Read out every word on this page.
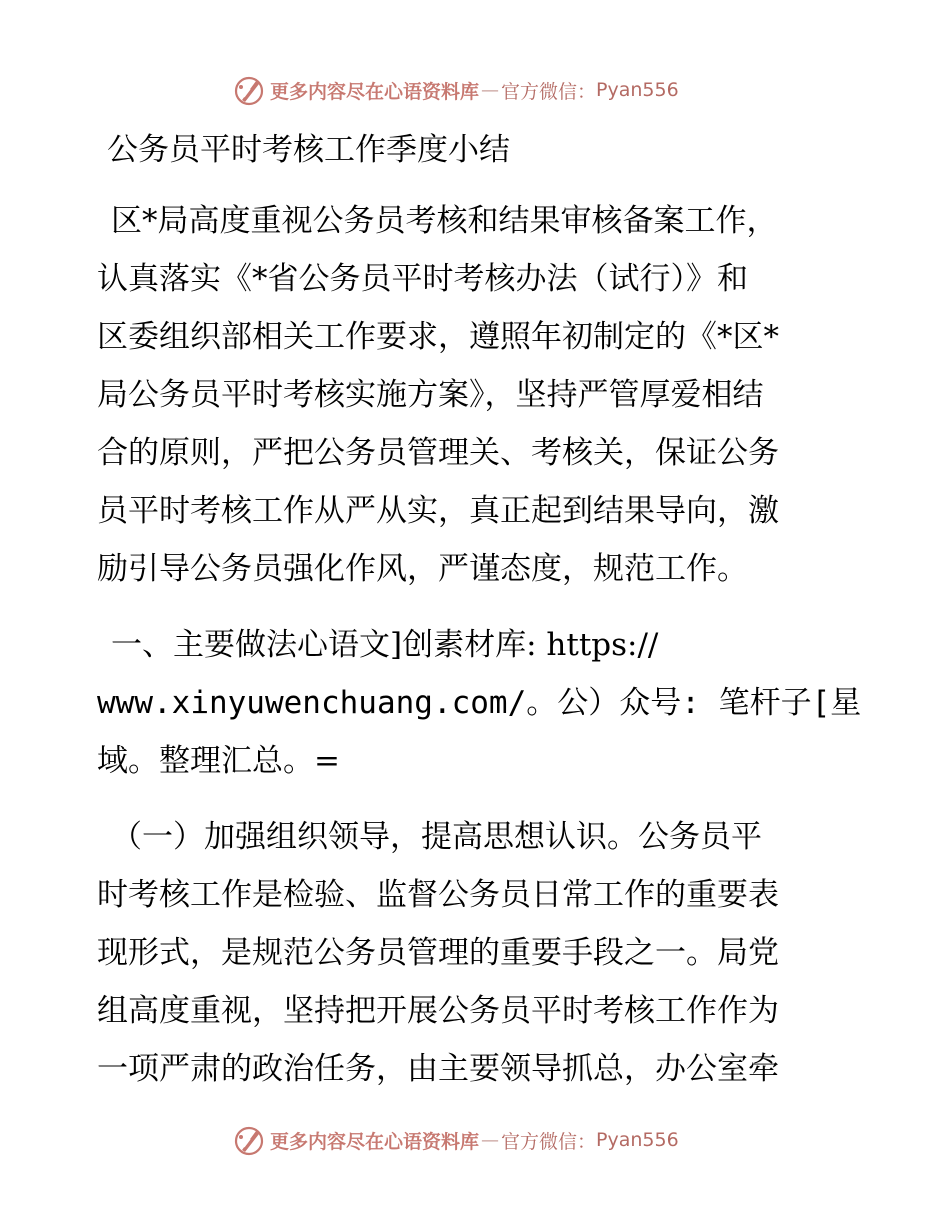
更多内容尽在心语资料库 — 官方微信： Pyan556
公务员平时考核工作季度小结
区*局高度重视公务员考核和结果审核备案工作，
认真落实《*省公务员平时考核办法（试行）》和
区委组织部相关工作要求，遵照年初制定的《*区*
局公务员平时考核实施方案》，坚持严管厚爱相结
合的原则，严把公务员管理关、考核关，保证公务
员平时考核工作从严从实，真正起到结果导向，激
励引导公务员强化作风，严谨态度，规范工作。
一、主要做法心语文]创素材库: https://
www.xinyuwenchuang.com/。公）众号: 笔杆子[星
域。整理汇总。=
（一）加强组织领导，提高思想认识。公务员平
时考核工作是检验、监督公务员日常工作的重要表
现形式，是规范公务员管理的重要手段之一。局党
组高度重视，坚持把开展公务员平时考核工作作为
一项严肃的政治任务，由主要领导抓总，办公室牵
更多内容尽在心语资料库 — 官方微信： Pyan556
